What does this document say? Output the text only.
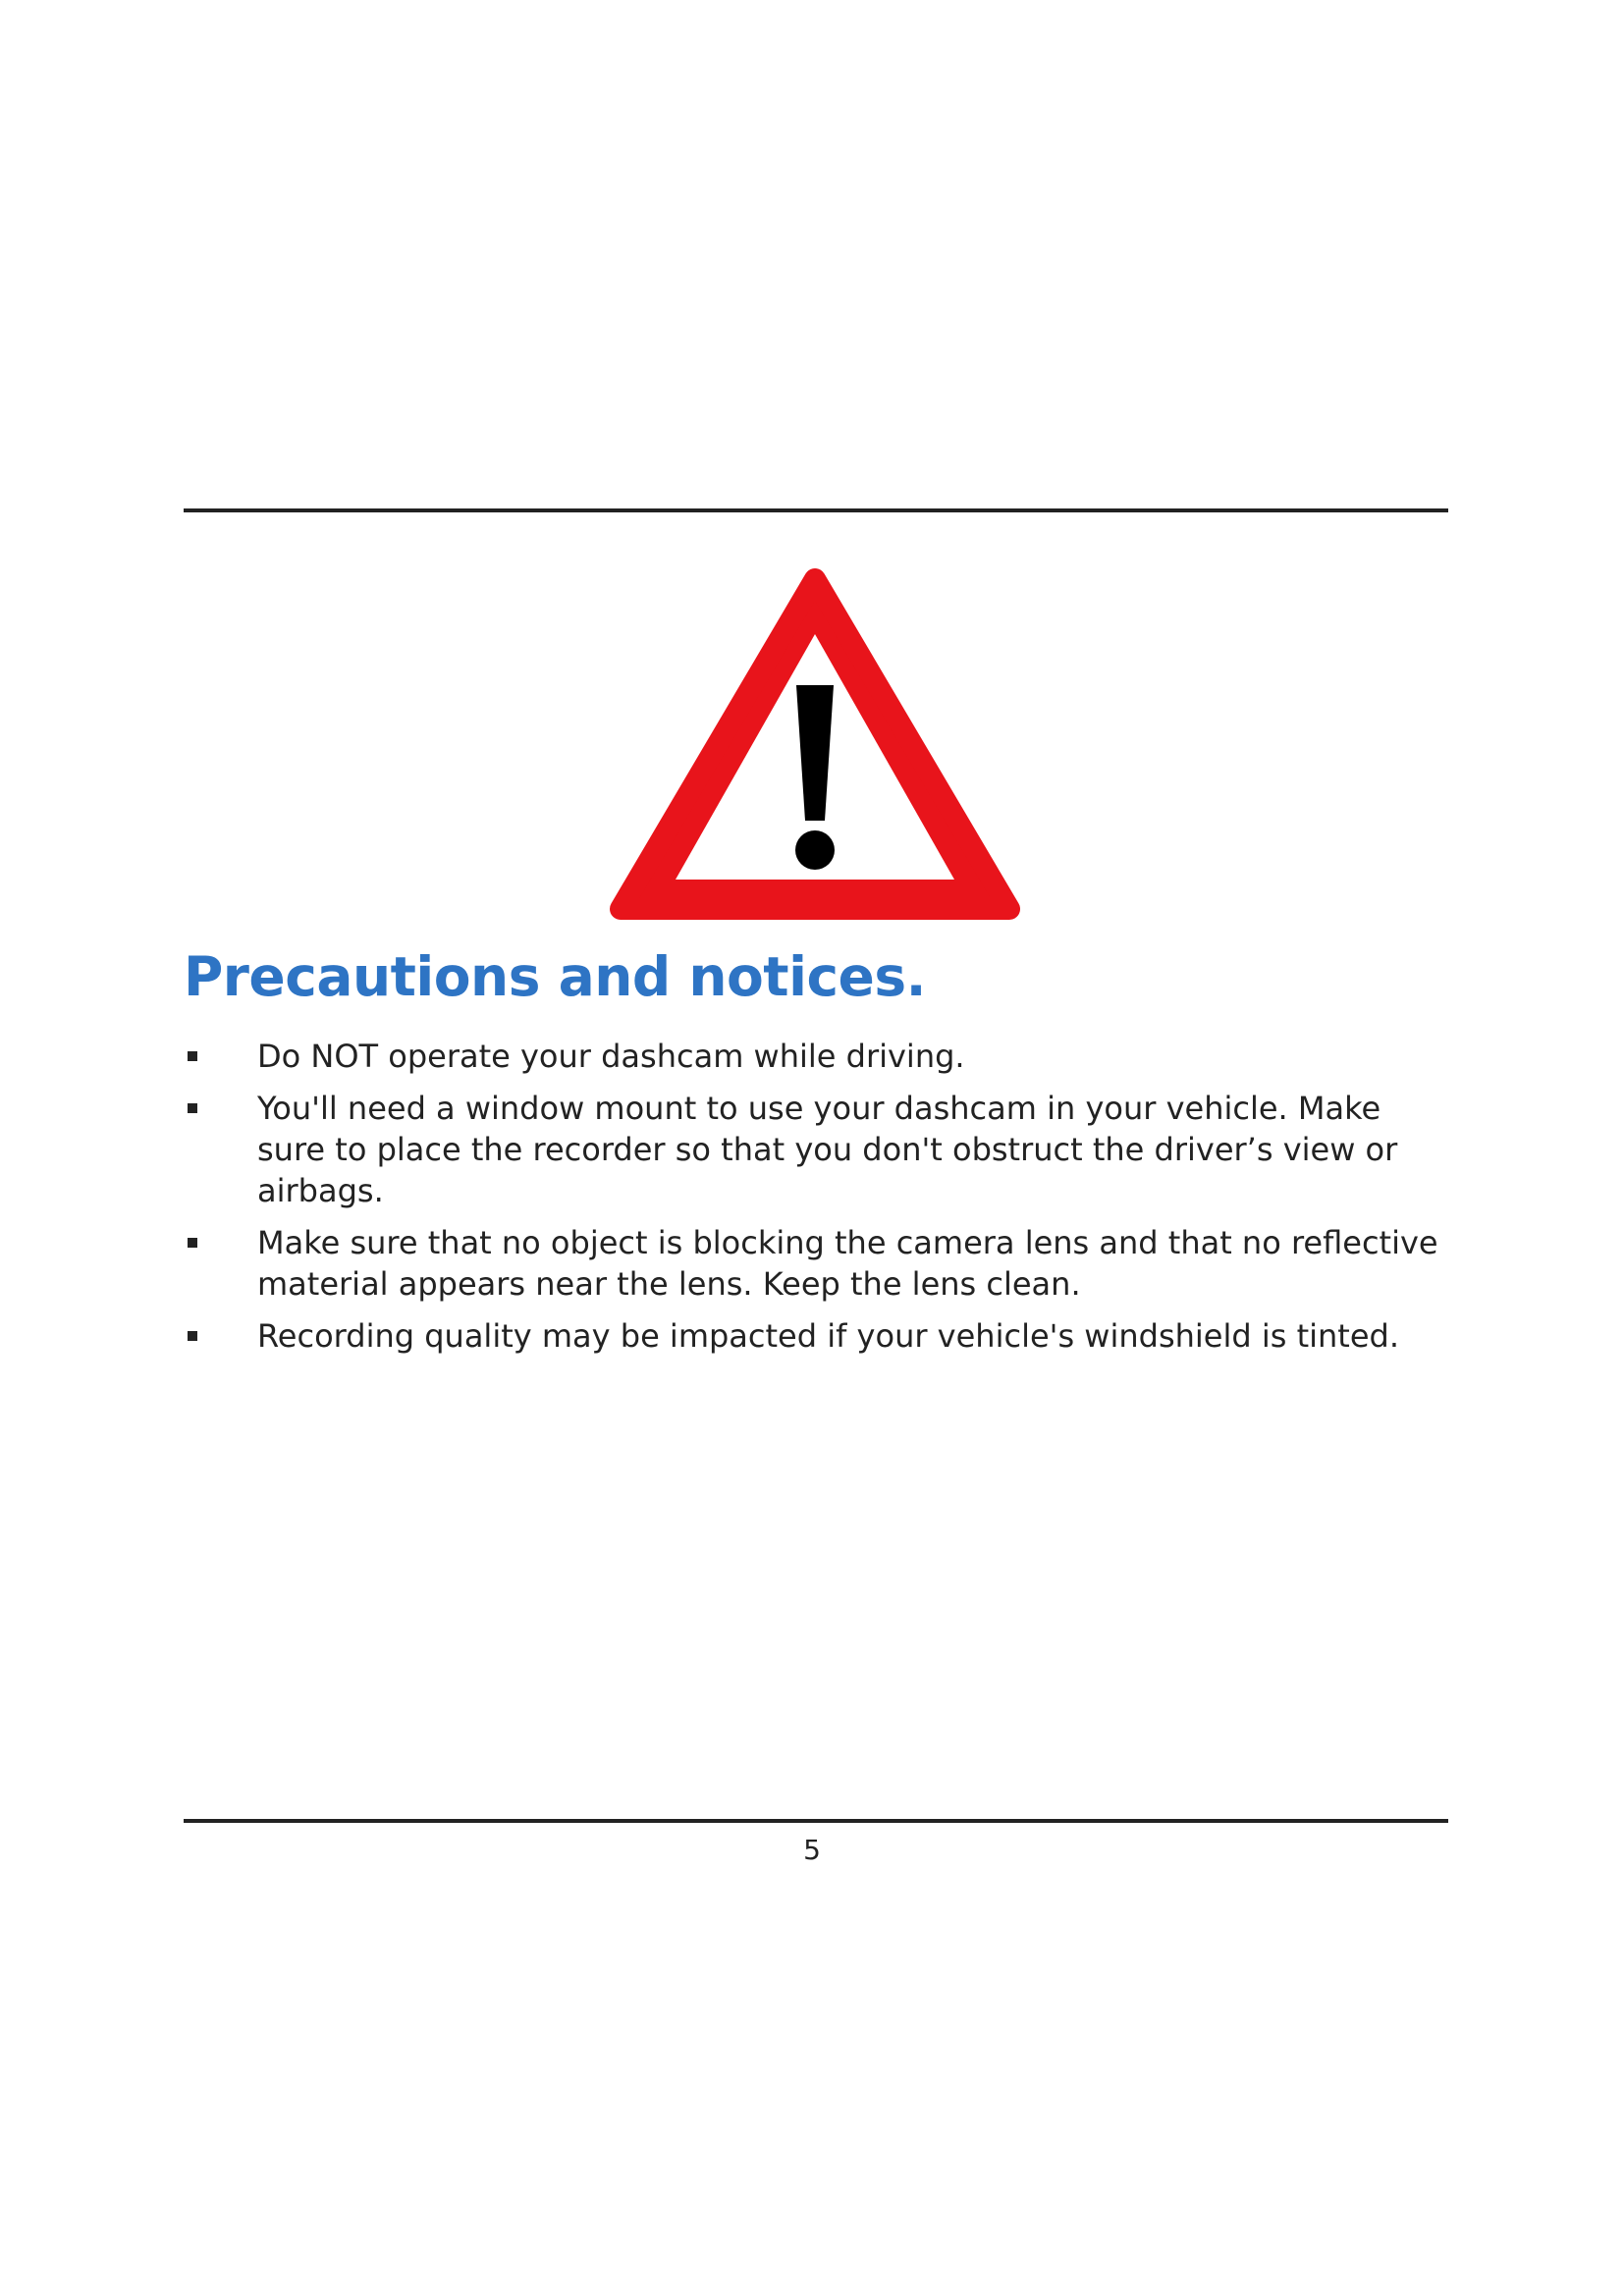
Precautions and notices.
Do NOT operate your dashcam while driving.
You'll need a window mount to use your dashcam in your vehicle. Make sure to place the recorder so that you don't obstruct the driver’s view or airbags.
Make sure that no object is blocking the camera lens and that no reflective material appears near the lens. Keep the lens clean.
Recording quality may be impacted if your vehicle's windshield is tinted.
5
